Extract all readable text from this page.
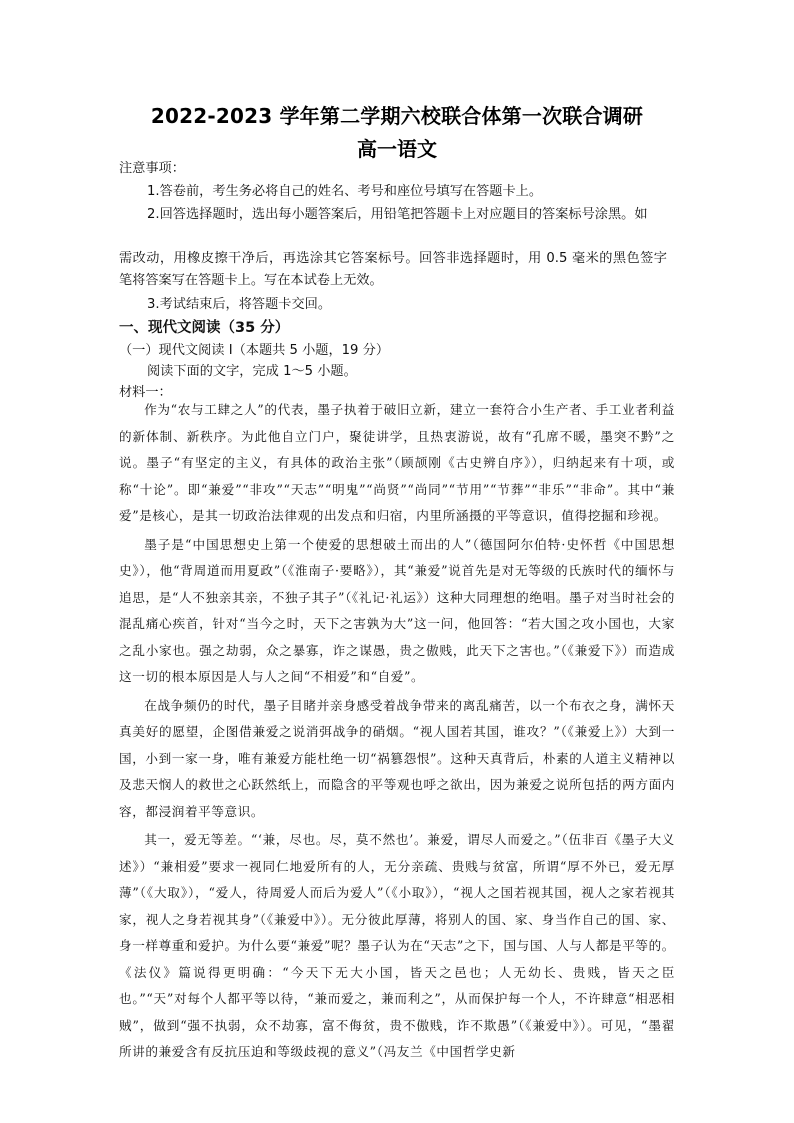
2022-2023 学年第二学期六校联合体第一次联合调研
高一语文

注意事项：

1.答卷前，考生务必将自己的姓名、考号和座位号填写在答题卡上。

2.回答选择题时，选出每小题答案后，用铅笔把答题卡上对应题目的答案标号涂黑。如

需改动，用橡皮擦干净后，再选涂其它答案标号。回答非选择题时，用 0.5 毫米的黑色签字

笔将答案写在答题卡上。写在本试卷上无效。

3.考试结束后，将答题卡交回。

一、现代文阅读（35 分）

（一）现代文阅读 I（本题共 5 小题，19 分）

阅读下面的文字，完成 1～5 小题。

材料一：

作为“农与工肆之人”的代表，墨子执着于破旧立新，建立一套符合小生产者、手工业者利益的新体制、新秩序。为此他自立门户，聚徒讲学，且热衷游说，故有“孔席不暖，墨突不黔”之说。墨子“有坚定的主义，有具体的政治主张”（顾颉刚《古史辨自序》），归纳起来有十项，或称“十论”。即“兼爱”“非攻”“天志”“明鬼”“尚贤”“尚同”“节用”“节葬”“非乐”“非命”。其中“兼爱”是核心，是其一切政治法律观的出发点和归宿，内里所涵摄的平等意识，值得挖掘和珍视。

墨子是“中国思想史上第一个使爱的思想破土而出的人”（德国阿尔伯特·史怀哲《中国思想史》），他“背周道而用夏政”（《淮南子·要略》），其“兼爱”说首先是对无等级的氏族时代的缅怀与追思，是“人不独亲其亲，不独子其子”（《礼记·礼运》）这种大同理想的绝唱。墨子对当时社会的混乱痛心疾首，针对“当今之时，天下之害孰为大”这一问，他回答：“若大国之攻小国也，大家之乱小家也。强之劫弱，众之暴寡，诈之谋愚，贵之傲贱，此天下之害也。”（《兼爱下》）而造成这一切的根本原因是人与人之间“不相爱”和“自爱”。

在战争频仍的时代，墨子目睹并亲身感受着战争带来的离乱痛苦，以一个布衣之身，满怀天真美好的愿望，企图借兼爱之说消弭战争的硝烟。“视人国若其国，谁攻？”（《兼爱上》）大到一国，小到一家一身，唯有兼爱方能杜绝一切“祸篡怨恨”。这种天真背后，朴素的人道主义精神以及悲天悯人的救世之心跃然纸上，而隐含的平等观也呼之欲出，因为兼爱之说所包括的两方面内容，都浸润着平等意识。

其一，爱无等差。“‘兼，尽也。尽，莫不然也’。兼爱，谓尽人而爱之。”（伍非百《墨子大义述》）“兼相爱”要求一视同仁地爱所有的人，无分亲疏、贵贱与贫富，所谓“厚不外已，爱无厚薄”（《大取》），“爱人，待周爱人而后为爱人”（《小取》），“视人之国若视其国，视人之家若视其家，视人之身若视其身”（《兼爱中》）。无分彼此厚薄，将别人的国、家、身当作自己的国、家、身一样尊重和爱护。为什么要“兼爱”呢？墨子认为在“天志”之下，国与国、人与人都是平等的。《法仪》篇说得更明确：“今天下无大小国，皆天之邑也；人无幼长、贵贱，皆天之臣也。”“天”对每个人都平等以待，“兼而爱之，兼而利之”，从而保护每一个人，不许肆意“相恶相贼”，做到“强不执弱，众不劫寡，富不侮贫，贵不傲贱，诈不欺愚”（《兼爱中》）。可见，“墨翟所讲的兼爱含有反抗压迫和等级歧视的意义”（冯友兰《中国哲学史新
